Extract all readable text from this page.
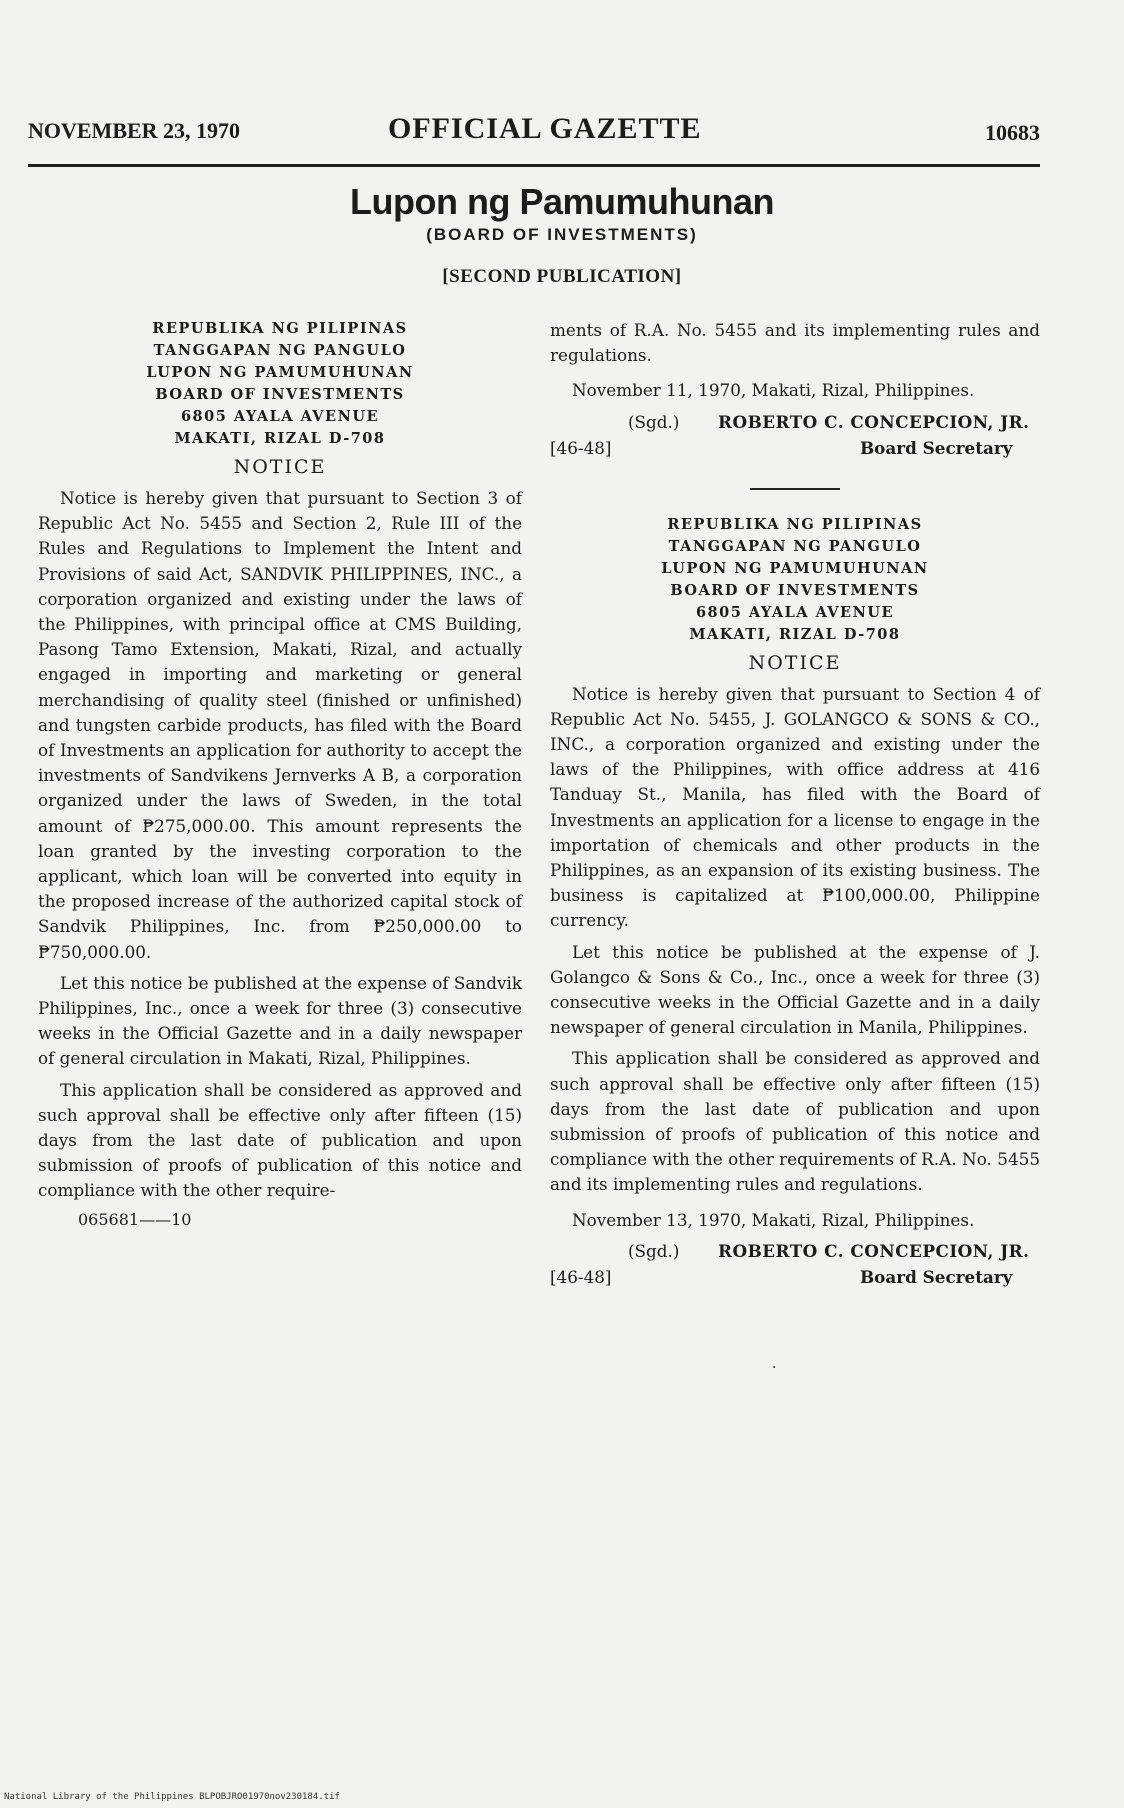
NOVEMBER 23, 1970	OFFICIAL GAZETTE	10683
Lupon ng Pamumuhunan
(BOARD OF INVESTMENTS)
[SECOND PUBLICATION]
REPUBLIKA NG PILIPINAS
TANGGAPAN NG PANGULO
LUPON NG PAMUMUHUNAN
BOARD OF INVESTMENTS
6805 AYALA AVENUE
MAKATI, RIZAL D-708
NOTICE

Notice is hereby given that pursuant to Section 3 of Republic Act No. 5455 and Section 2, Rule III of the Rules and Regulations to Implement the Intent and Provisions of said Act, SANDVIK PHILIPPINES, INC., a corporation organized and existing under the laws of the Philippines, with principal office at CMS Building, Pasong Tamo Extension, Makati, Rizal, and actually engaged in importing and marketing or general merchandising of quality steel (finished or unfinished) and tungsten carbide products, has filed with the Board of Investments an application for authority to accept the investments of Sandvikens Jernverks A B, a corporation organized under the laws of Sweden, in the total amount of ₱275,000.00. This amount represents the loan granted by the investing corporation to the applicant, which loan will be converted into equity in the proposed increase of the authorized capital stock of Sandvik Philippines, Inc. from ₱250,000.00 to ₱750,000.00.

Let this notice be published at the expense of Sandvik Philippines, Inc., once a week for three (3) consecutive weeks in the Official Gazette and in a daily newspaper of general circulation in Makati, Rizal, Philippines.

This application shall be considered as approved and such approval shall be effective only after fifteen (15) days from the last date of publication and upon submission of proofs of publication of this notice and compliance with the other require-

065681——10

ments of R.A. No. 5455 and its implementing rules and regulations.

November 11, 1970, Makati, Rizal, Philippines.
(Sgd.) ROBERTO C. CONCEPCION, JR.
[46-48]	Board Secretary
REPUBLIKA NG PILIPINAS
TANGGAPAN NG PANGULO
LUPON NG PAMUMUHUNAN
BOARD OF INVESTMENTS
6805 AYALA AVENUE
MAKATI, RIZAL D-708
NOTICE

Notice is hereby given that pursuant to Section 4 of Republic Act No. 5455, J. GOLANGCO & SONS & CO., INC., a corporation organized and existing under the laws of the Philippines, with office address at 416 Tanduay St., Manila, has filed with the Board of Investments an application for a license to engage in the importation of chemicals and other products in the Philippines, as an expansion of its existing business. The business is capitalized at ₱100,000.00, Philippine currency.

Let this notice be published at the expense of J. Golangco & Sons & Co., Inc., once a week for three (3) consecutive weeks in the Official Gazette and in a daily newspaper of general circulation in Manila, Philippines.

This application shall be considered as approved and such approval shall be effective only after fifteen (15) days from the last date of publication and upon submission of proofs of publication of this notice and compliance with the other requirements of R.A. No. 5455 and its implementing rules and regulations.

November 13, 1970, Makati, Rizal, Philippines.
(Sgd.) ROBERTO C. CONCEPCION, JR.
[46-48]	Board Secretary
·
National Library of the Philippines BLPOBJRO01970nov230184.tif
